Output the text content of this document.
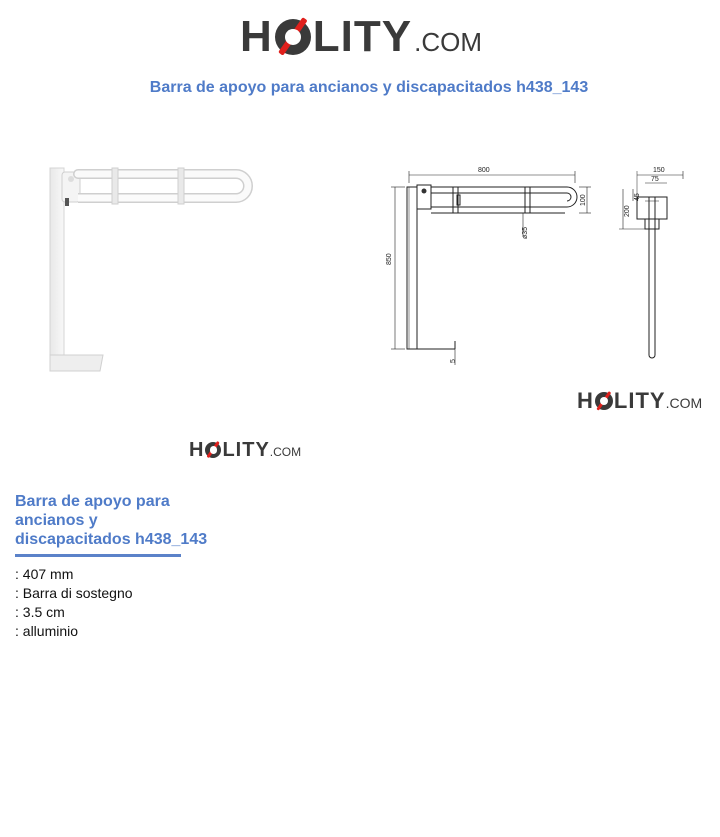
H LITY .COM
Barra de apoyo para ancianos y discapacitados h438_143
800
850
100
ø35
5
150
75
45
200
H LITY .COM
H LITY .COM
Barra de apoyo para ancianos y discapacitados h438_143
: 407 mm
: Barra di sostegno
: 3.5 cm
: alluminio
